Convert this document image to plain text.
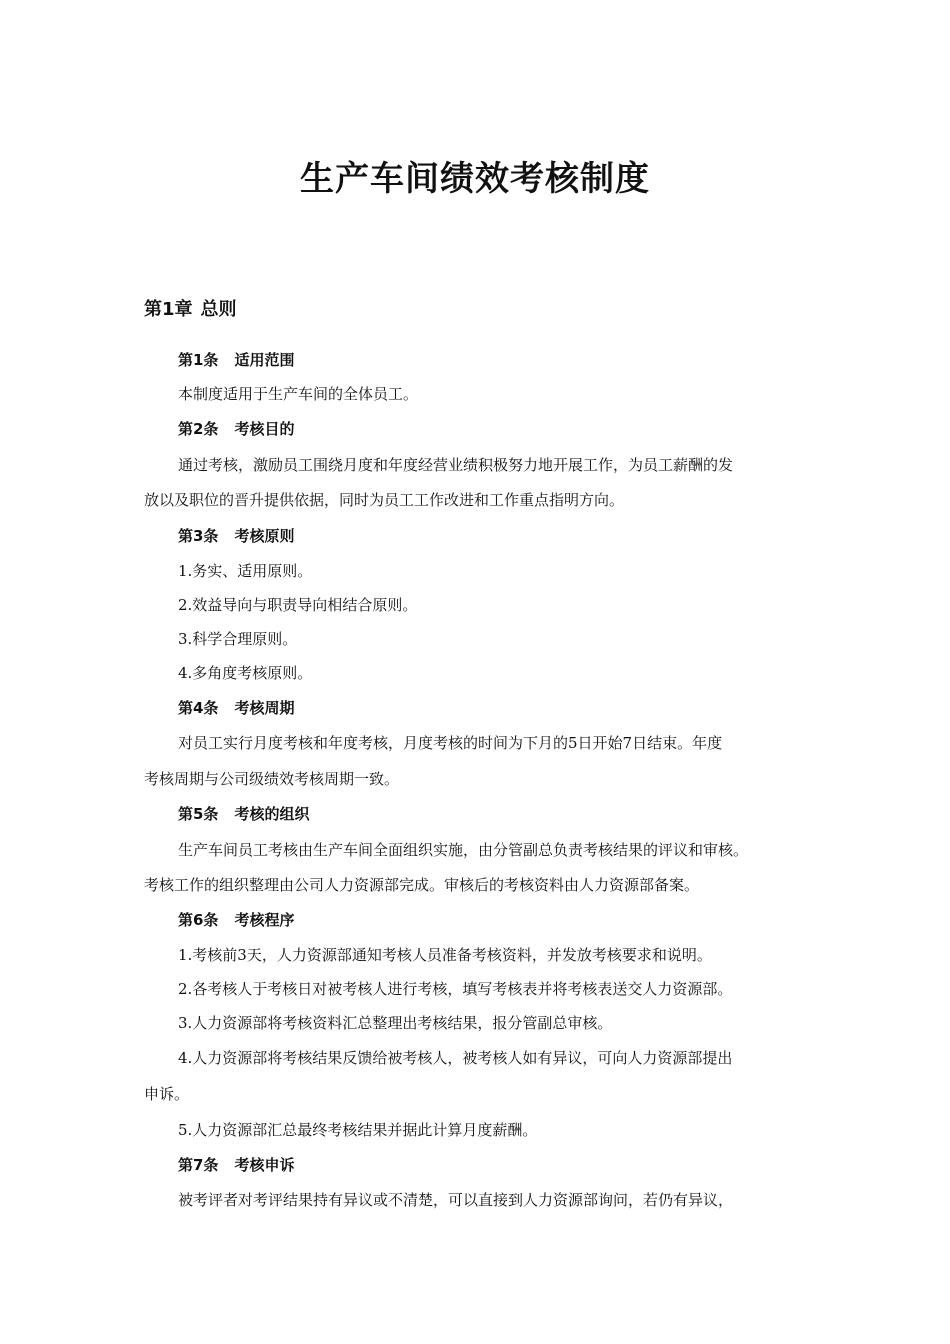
生产车间绩效考核制度
第1章 总则
第1条 适用范围
本制度适用于生产车间的全体员工。
第2条 考核目的
通过考核，激励员工围绕月度和年度经营业绩积极努力地开展工作，为员工薪酬的发
放以及职位的晋升提供依据，同时为员工工作改进和工作重点指明方向。
第3条 考核原则
1.务实、适用原则。
2.效益导向与职责导向相结合原则。
3.科学合理原则。
4.多角度考核原则。
第4条 考核周期
对员工实行月度考核和年度考核，月度考核的时间为下月的5日开始7日结束。年度
考核周期与公司级绩效考核周期一致。
第5条 考核的组织
生产车间员工考核由生产车间全面组织实施，由分管副总负责考核结果的评议和审核。
考核工作的组织整理由公司人力资源部完成。审核后的考核资料由人力资源部备案。
第6条 考核程序
1.考核前3天，人力资源部通知考核人员准备考核资料，并发放考核要求和说明。
2.各考核人于考核日对被考核人进行考核，填写考核表并将考核表送交人力资源部。
3.人力资源部将考核资料汇总整理出考核结果，报分管副总审核。
4.人力资源部将考核结果反馈给被考核人，被考核人如有异议，可向人力资源部提出
申诉。
5.人力资源部汇总最终考核结果并据此计算月度薪酬。
第7条 考核申诉
被考评者对考评结果持有异议或不清楚，可以直接到人力资源部询问，若仍有异议，
